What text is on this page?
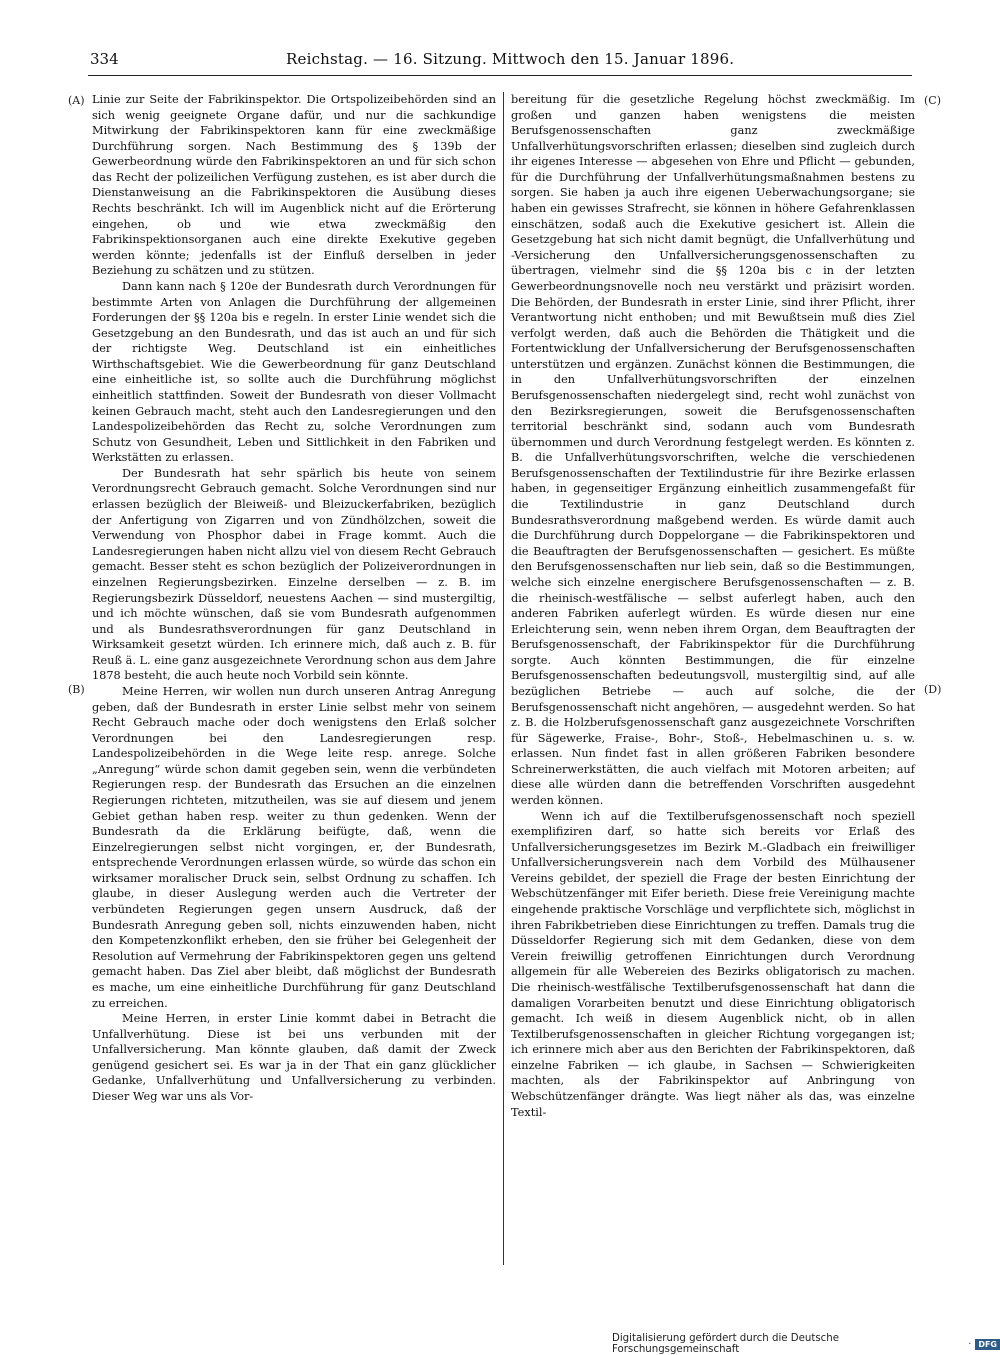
334	Reichstag. — 16. Sitzung. Mittwoch den 15. Januar 1896.
(A)
(B)
(C)
(D)

Linie zur Seite der Fabrikinspektor. Die Ortspolizeibehörden sind an sich wenig geeignete Organe dafür, und nur die sachkundige Mitwirkung der Fabrikinspektoren kann für eine zweckmäßige Durchführung sorgen. Nach Bestimmung des § 139b der Gewerbeordnung würde den Fabrikinspektoren an und für sich schon das Recht der polizeilichen Verfügung zustehen, es ist aber durch die Dienstanweisung an die Fabrikinspektoren die Ausübung dieses Rechts beschränkt. Ich will im Augenblick nicht auf die Erörterung eingehen, ob und wie etwa zweckmäßig den Fabrikinspektionsorganen auch eine direkte Exekutive gegeben werden könnte; jedenfalls ist der Einfluß derselben in jeder Beziehung zu schätzen und zu stützen.

Dann kann nach § 120e der Bundesrath durch Verordnungen für bestimmte Arten von Anlagen die Durchführung der allgemeinen Forderungen der §§ 120a bis e regeln. In erster Linie wendet sich die Gesetzgebung an den Bundesrath, und das ist auch an und für sich der richtigste Weg. Deutschland ist ein einheitliches Wirthschaftsgebiet. Wie die Gewerbeordnung für ganz Deutschland eine einheitliche ist, so sollte auch die Durchführung möglichst einheitlich stattfinden. Soweit der Bundesrath von dieser Vollmacht keinen Gebrauch macht, steht auch den Landesregierungen und den Landespolizeibehörden das Recht zu, solche Verordnungen zum Schutz von Gesundheit, Leben und Sittlichkeit in den Fabriken und Werkstätten zu erlassen.

Der Bundesrath hat sehr spärlich bis heute von seinem Verordnungsrecht Gebrauch gemacht. Solche Verordnungen sind nur erlassen bezüglich der Bleiweiß- und Bleizuckerfabriken, bezüglich der Anfertigung von Zigarren und von Zündhölzchen, soweit die Verwendung von Phosphor dabei in Frage kommt. Auch die Landesregierungen haben nicht allzu viel von diesem Recht Gebrauch gemacht. Besser steht es schon bezüglich der Polizeiverordnungen in einzelnen Regierungsbezirken. Einzelne derselben — z. B. im Regierungsbezirk Düsseldorf, neuestens Aachen — sind mustergiltig, und ich möchte wünschen, daß sie vom Bundesrath aufgenommen und als Bundesrathsverordnungen für ganz Deutschland in Wirksamkeit gesetzt würden. Ich erinnere mich, daß auch z. B. für Reuß ä. L. eine ganz ausgezeichnete Verordnung schon aus dem Jahre 1878 besteht, die auch heute noch Vorbild sein könnte.

Meine Herren, wir wollen nun durch unseren Antrag Anregung geben, daß der Bundesrath in erster Linie selbst mehr von seinem Recht Gebrauch mache oder doch wenigstens den Erlaß solcher Verordnungen bei den Landesregierungen resp. Landespolizeibehörden in die Wege leite resp. anrege. Solche „Anregung“ würde schon damit gegeben sein, wenn die verbündeten Regierungen resp. der Bundesrath das Ersuchen an die einzelnen Regierungen richteten, mitzutheilen, was sie auf diesem und jenem Gebiet gethan haben resp. weiter zu thun gedenken. Wenn der Bundesrath da die Erklärung beifügte, daß, wenn die Einzelregierungen selbst nicht vorgingen, er, der Bundesrath, entsprechende Verordnungen erlassen würde, so würde das schon ein wirksamer moralischer Druck sein, selbst Ordnung zu schaffen. Ich glaube, in dieser Auslegung werden auch die Vertreter der verbündeten Regierungen gegen unsern Ausdruck, daß der Bundesrath Anregung geben soll, nichts einzuwenden haben, nicht den Kompetenzkonflikt erheben, den sie früher bei Gelegenheit der Resolution auf Vermehrung der Fabrikinspektoren gegen uns geltend gemacht haben. Das Ziel aber bleibt, daß möglichst der Bundesrath es mache, um eine einheitliche Durchführung für ganz Deutschland zu erreichen.

Meine Herren, in erster Linie kommt dabei in Betracht die Unfallverhütung. Diese ist bei uns verbunden mit der Unfallversicherung. Man könnte glauben, daß damit der Zweck genügend gesichert sei. Es war ja in der That ein ganz glücklicher Gedanke, Unfallverhütung und Unfallversicherung zu verbinden. Dieser Weg war uns als Vor-

bereitung für die gesetzliche Regelung höchst zweckmäßig. Im großen und ganzen haben wenigstens die meisten Berufsgenossenschaften ganz zweckmäßige Unfallverhütungsvorschriften erlassen; dieselben sind zugleich durch ihr eigenes Interesse — abgesehen von Ehre und Pflicht — gebunden, für die Durchführung der Unfallverhütungsmaßnahmen bestens zu sorgen. Sie haben ja auch ihre eigenen Ueberwachungsorgane; sie haben ein gewisses Strafrecht, sie können in höhere Gefahrenklassen einschätzen, sodaß auch die Exekutive gesichert ist. Allein die Gesetzgebung hat sich nicht damit begnügt, die Unfallverhütung und -Versicherung den Unfallversicherungsgenossenschaften zu übertragen, vielmehr sind die §§ 120a bis c in der letzten Gewerbeordnungsnovelle noch neu verstärkt und präzisirt worden. Die Behörden, der Bundesrath in erster Linie, sind ihrer Pflicht, ihrer Verantwortung nicht enthoben; und mit Bewußtsein muß dies Ziel verfolgt werden, daß auch die Behörden die Thätigkeit und die Fortentwicklung der Unfallversicherung der Berufsgenossenschaften unterstützen und ergänzen. Zunächst können die Bestimmungen, die in den Unfallverhütungsvorschriften der einzelnen Berufsgenossenschaften niedergelegt sind, recht wohl zunächst von den Bezirksregierungen, soweit die Berufsgenossenschaften territorial beschränkt sind, sodann auch vom Bundesrath übernommen und durch Verordnung festgelegt werden. Es könnten z. B. die Unfallverhütungsvorschriften, welche die verschiedenen Berufsgenossenschaften der Textilindustrie für ihre Bezirke erlassen haben, in gegenseitiger Ergänzung einheitlich zusammengefaßt für die Textilindustrie in ganz Deutschland durch Bundesrathsverordnung maßgebend werden. Es würde damit auch die Durchführung durch Doppelorgane — die Fabrikinspektoren und die Beauftragten der Berufsgenossenschaften — gesichert. Es müßte den Berufsgenossenschaften nur lieb sein, daß so die Bestimmungen, welche sich einzelne energischere Berufsgenossenschaften — z. B. die rheinisch-westfälische — selbst auferlegt haben, auch den anderen Fabriken auferlegt würden. Es würde diesen nur eine Erleichterung sein, wenn neben ihrem Organ, dem Beauftragten der Berufsgenossenschaft, der Fabrikinspektor für die Durchführung sorgte. Auch könnten Bestimmungen, die für einzelne Berufsgenossenschaften bedeutungsvoll, mustergiltig sind, auf alle bezüglichen Betriebe — auch auf solche, die der Berufsgenossenschaft nicht angehören, — ausgedehnt werden. So hat z. B. die Holzberufsgenossenschaft ganz ausgezeichnete Vorschriften für Sägewerke, Fraise-, Bohr-, Stoß-, Hebelmaschinen u. s. w. erlassen. Nun findet fast in allen größeren Fabriken besondere Schreinerwerkstätten, die auch vielfach mit Motoren arbeiten; auf diese alle würden dann die betreffenden Vorschriften ausgedehnt werden können.

Wenn ich auf die Textilberufsgenossenschaft noch speziell exemplifiziren darf, so hatte sich bereits vor Erlaß des Unfallversicherungsgesetzes im Bezirk M.-Gladbach ein freiwilliger Unfallversicherungsverein nach dem Vorbild des Mülhausener Vereins gebildet, der speziell die Frage der besten Einrichtung der Webschützenfänger mit Eifer berieth. Diese freie Vereinigung machte eingehende praktische Vorschläge und verpflichtete sich, möglichst in ihren Fabrikbetrieben diese Einrichtungen zu treffen. Damals trug die Düsseldorfer Regierung sich mit dem Gedanken, diese von dem Verein freiwillig getroffenen Einrichtungen durch Verordnung allgemein für alle Webereien des Bezirks obligatorisch zu machen. Die rheinisch-westfälische Textilberufsgenossenschaft hat dann die damaligen Vorarbeiten benutzt und diese Einrichtung obligatorisch gemacht. Ich weiß in diesem Augenblick nicht, ob in allen Textilberufsgenossenschaften in gleicher Richtung vorgegangen ist; ich erinnere mich aber aus den Berichten der Fabrikinspektoren, daß einzelne Fabriken — ich glaube, in Sachsen — Schwierigkeiten machten, als der Fabrikinspektor auf Anbringung von Webschützenfänger drängte. Was liegt näher als das, was einzelne Textil-

Digitalisierung gefördert durch die Deutsche Forschungsgemeinschaft	· DFG
